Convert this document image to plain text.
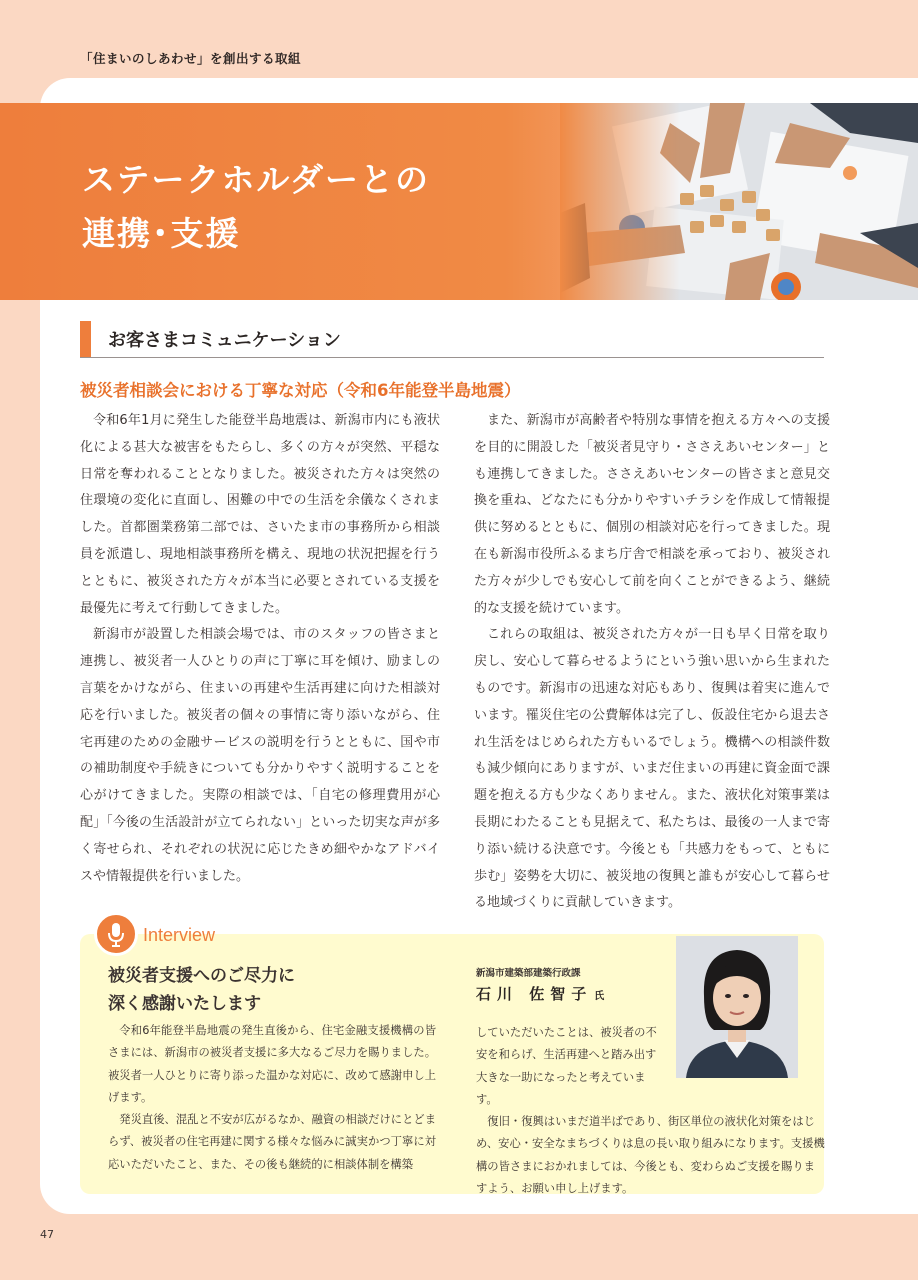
「住まいのしあわせ」を創出する取組
ステークホルダーとの
連携･支援
お客さまコミュニケーション
被災者相談会における丁寧な対応（令和6年能登半島地震）

令和6年1月に発生した能登半島地震は、新潟市内にも液状化による甚大な被害をもたらし、多くの方々が突然、平穏な日常を奪われることとなりました。被災された方々は突然の住環境の変化に直面し、困難の中での生活を余儀なくされました。首都圏業務第二部では、さいたま市の事務所から相談員を派遣し、現地相談事務所を構え、現地の状況把握を行うとともに、被災された方々が本当に必要とされている支援を最優先に考えて行動してきました。

新潟市が設置した相談会場では、市のスタッフの皆さまと連携し、被災者一人ひとりの声に丁寧に耳を傾け、励ましの言葉をかけながら、住まいの再建や生活再建に向けた相談対応を行いました。被災者の個々の事情に寄り添いながら、住宅再建のための金融サービスの説明を行うとともに、国や市の補助制度や手続きについても分かりやすく説明することを心がけてきました。実際の相談では、「自宅の修理費用が心配」「今後の生活設計が立てられない」といった切実な声が多く寄せられ、それぞれの状況に応じたきめ細やかなアドバイスや情報提供を行いました。

また、新潟市が高齢者や特別な事情を抱える方々への支援を目的に開設した「被災者見守り・ささえあいセンター」とも連携してきました。ささえあいセンターの皆さまと意見交換を重ね、どなたにも分かりやすいチラシを作成して情報提供に努めるとともに、個別の相談対応を行ってきました。現在も新潟市役所ふるまち庁舎で相談を承っており、被災された方々が少しでも安心して前を向くことができるよう、継続的な支援を続けています。

これらの取組は、被災された方々が一日も早く日常を取り戻し、安心して暮らせるようにという強い思いから生まれたものです。新潟市の迅速な対応もあり、復興は着実に進んでいます。罹災住宅の公費解体は完了し、仮設住宅から退去され生活をはじめられた方もいるでしょう。機構への相談件数も減少傾向にありますが、いまだ住まいの再建に資金面で課題を抱える方も少なくありません。また、液状化対策事業は長期にわたることも見据えて、私たちは、最後の一人まで寄り添い続ける決意です。今後とも「共感力をもって、ともに歩む」姿勢を大切に、被災地の復興と誰もが安心して暮らせる地域づくりに貢献していきます。

Interview
被災者支援へのご尽力に
深く感謝いたします

令和6年能登半島地震の発生直後から、住宅金融支援機構の皆さまには、新潟市の被災者支援に多大なるご尽力を賜りました。被災者一人ひとりに寄り添った温かな対応に、改めて感謝申し上げます。

発災直後、混乱と不安が広がるなか、融資の相談だけにとどまらず、被災者の住宅再建に関する様々な悩みに誠実かつ丁寧に対応いただいたこと、また、その後も継続的に相談体制を構築

新潟市建築部建築行政課
石川 佐智子 氏

していただいたことは、被災者の不安を和らげ、生活再建へと踏み出す大きな一助になったと考えています。

復旧・復興はいまだ道半ばであり、街区単位の液状化対策をはじめ、安心・安全なまちづくりは息の長い取り組みになります。支援機構の皆さまにおかれましては、今後とも、変わらぬご支援を賜りますよう、お願い申し上げます。

47
